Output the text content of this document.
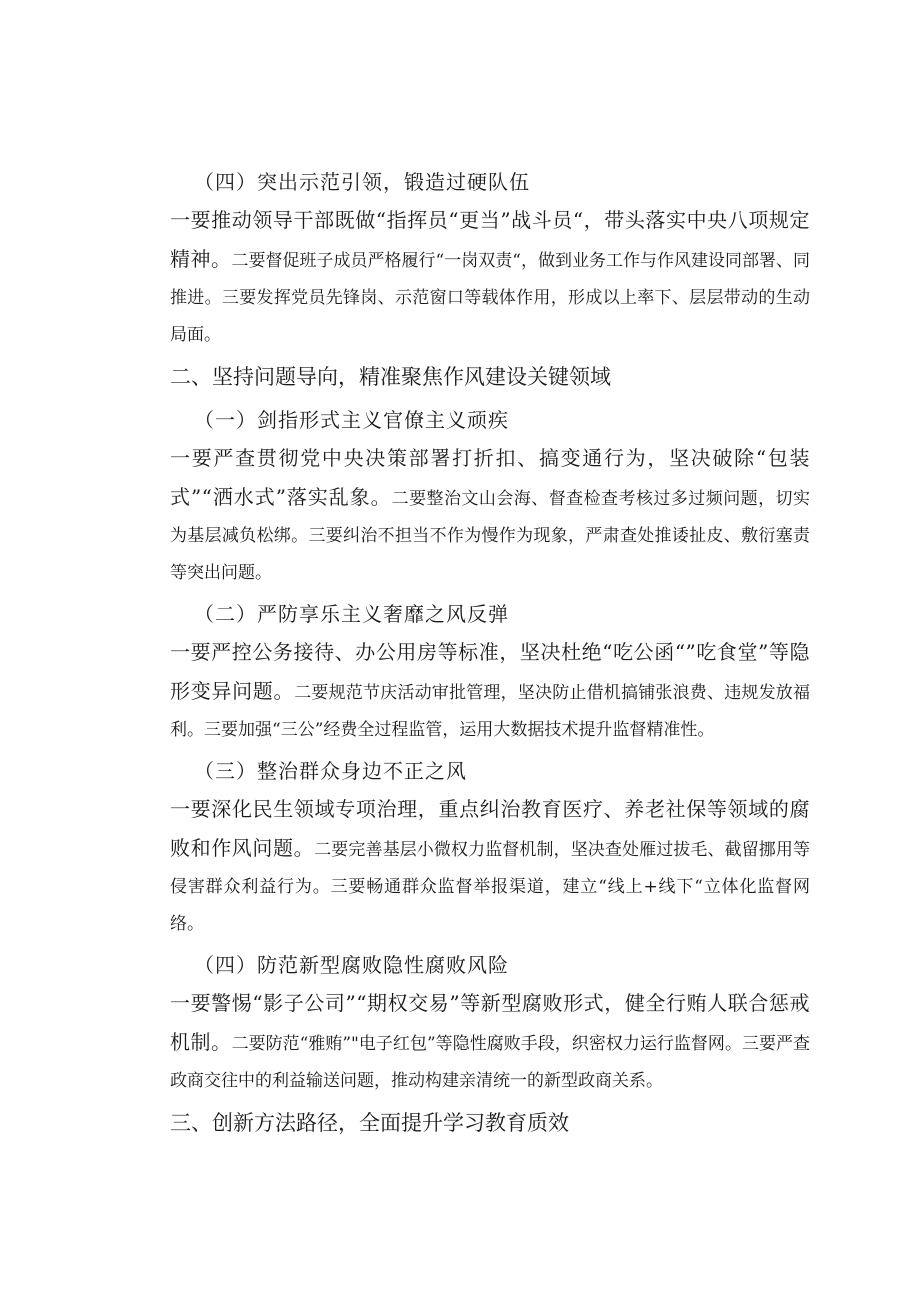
（四）突出示范引领，锻造过硬队伍

一要推动领导干部既做“指挥员“更当”战斗员“，带头落实中央八项规定精神。二要督促班子成员严格履行“一岗双责“，做到业务工作与作风建设同部署、同推进。三要发挥党员先锋岗、示范窗口等载体作用，形成以上率下、层层带动的生动局面。

二、坚持问题导向，精准聚焦作风建设关键领域
（一）剑指形式主义官僚主义顽疾

一要严查贯彻党中央决策部署打折扣、搞变通行为，坚决破除“包装式”“洒水式”落实乱象。二要整治文山会海、督查检查考核过多过频问题，切实为基层减负松绑。三要纠治不担当不作为慢作为现象，严肃查处推诿扯皮、敷衍塞责等突出问题。

（二）严防享乐主义奢靡之风反弹

一要严控公务接待、办公用房等标准，坚决杜绝“吃公函“”吃食堂”等隐形变异问题。二要规范节庆活动审批管理，坚决防止借机搞铺张浪费、违规发放福利。三要加强“三公”经费全过程监管，运用大数据技术提升监督精准性。

（三）整治群众身边不正之风

一要深化民生领域专项治理，重点纠治教育医疗、养老社保等领域的腐败和作风问题。二要完善基层小微权力监督机制，坚决查处雁过拔毛、截留挪用等侵害群众利益行为。三要畅通群众监督举报渠道，建立“线上+线下“立体化监督网络。

（四）防范新型腐败隐性腐败风险

一要警惕“影子公司”“期权交易”等新型腐败形式，健全行贿人联合惩戒机制。二要防范“雅贿”"电子红包”等隐性腐败手段，织密权力运行监督网。三要严查政商交往中的利益输送问题，推动构建亲清统一的新型政商关系。

三、创新方法路径，全面提升学习教育质效
